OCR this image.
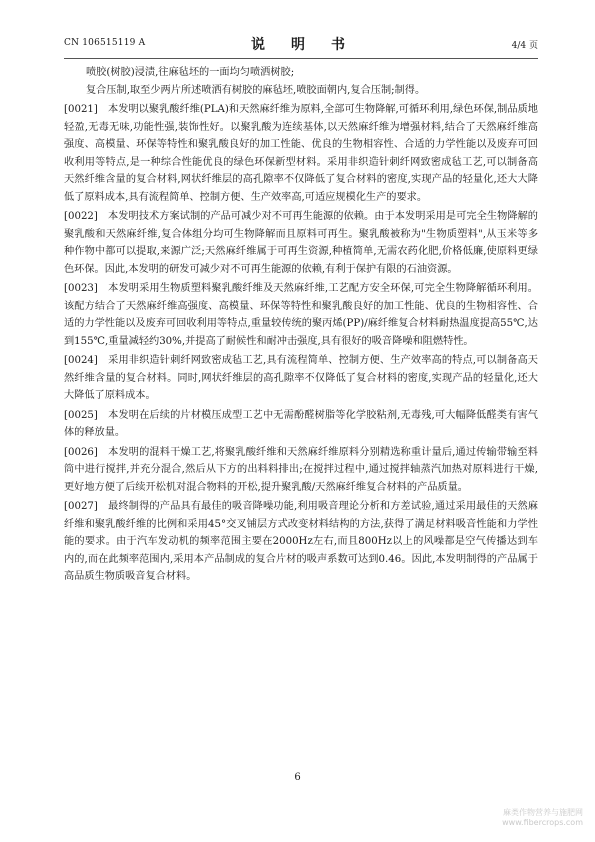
CN 106515119 A	说　明　书	4/4 页

喷胶(树胶)浸渍,往麻毡坯的一面均匀喷洒树胶;

复合压制,取至少两片所述喷洒有树胶的麻毡坯,喷胶面朝内,复合压制;制得。

[0021] 本发明以聚乳酸纤维(PLA)和天然麻纤维为原料,全部可生物降解,可循环利用,绿色环保,制品质地轻盈,无毒无味,功能性强,装饰性好。以聚乳酸为连续基体,以天然麻纤维为增强材料,结合了天然麻纤维高强度、高模量、环保等特性和聚乳酸良好的加工性能、优良的生物相容性、合适的力学性能以及废弃可回收利用等特点,是一种综合性能优良的绿色环保新型材料。采用非织造针刺纤网致密成毡工艺,可以制备高天然纤维含量的复合材料,网状纤维层的高孔隙率不仅降低了复合材料的密度,实现产品的轻量化,还大大降低了原料成本,具有流程简单、控制方便、生产效率高,可适应规模化生产的要求。

[0022] 本发明技术方案试制的产品可减少对不可再生能源的依赖。由于本发明采用是可完全生物降解的聚乳酸和天然麻纤维,复合体组分均可生物降解而且原料可再生。聚乳酸被称为"生物质塑料",从玉米等多种作物中都可以提取,来源广泛;天然麻纤维属于可再生资源,种植简单,无需农药化肥,价格低廉,使原料更绿色环保。因此,本发明的研发可减少对不可再生能源的依赖,有利于保护有限的石油资源。

[0023] 本发明采用生物质塑料聚乳酸纤维及天然麻纤维,工艺配方安全环保,可完全生物降解循环利用。该配方结合了天然麻纤维高强度、高模量、环保等特性和聚乳酸良好的加工性能、优良的生物相容性、合适的力学性能以及废弃可回收利用等特点,重量较传统的聚丙烯(PP)/麻纤维复合材料耐热温度提高55℃,达到155℃,重量减轻约30%,并提高了耐候性和耐冲击强度,具有很好的吸音降噪和阻燃特性。

[0024] 采用非织造针刺纤网致密成毡工艺,具有流程简单、控制方便、生产效率高的特点,可以制备高天然纤维含量的复合材料。同时,网状纤维层的高孔隙率不仅降低了复合材料的密度,实现产品的轻量化,还大大降低了原料成本。

[0025] 本发明在后续的片材模压成型工艺中无需酚醛树脂等化学胶粘剂,无毒残,可大幅降低醛类有害气体的释放量。

[0026] 本发明的混料干燥工艺,将聚乳酸纤维和天然麻纤维原料分别精选称重计量后,通过传输带输至料筒中进行搅拌,并充分混合,然后从下方的出料料排出;在搅拌过程中,通过搅拌轴蒸汽加热对原料进行干燥,更好地方便了后续开松机对混合物料的开松,提升聚乳酸/天然麻纤维复合材料的产品质量。

[0027] 最终制得的产品具有最佳的吸音降噪功能,利用吸音理论分析和方差试验,通过采用最佳的天然麻纤维和聚乳酸纤维的比例和采用45°交叉铺层方式改变材料结构的方法,获得了满足材料吸音性能和力学性能的要求。由于汽车发动机的频率范围主要在2000Hz左右,而且800Hz以上的风噪都是空气传播达到车内的,而在此频率范围内,采用本产品制成的复合片材的吸声系数可达到0.46。因此,本发明制得的产品属于高品质生物质吸音复合材料。

6
麻类作物营养与施肥网
www.fibercrops.com
